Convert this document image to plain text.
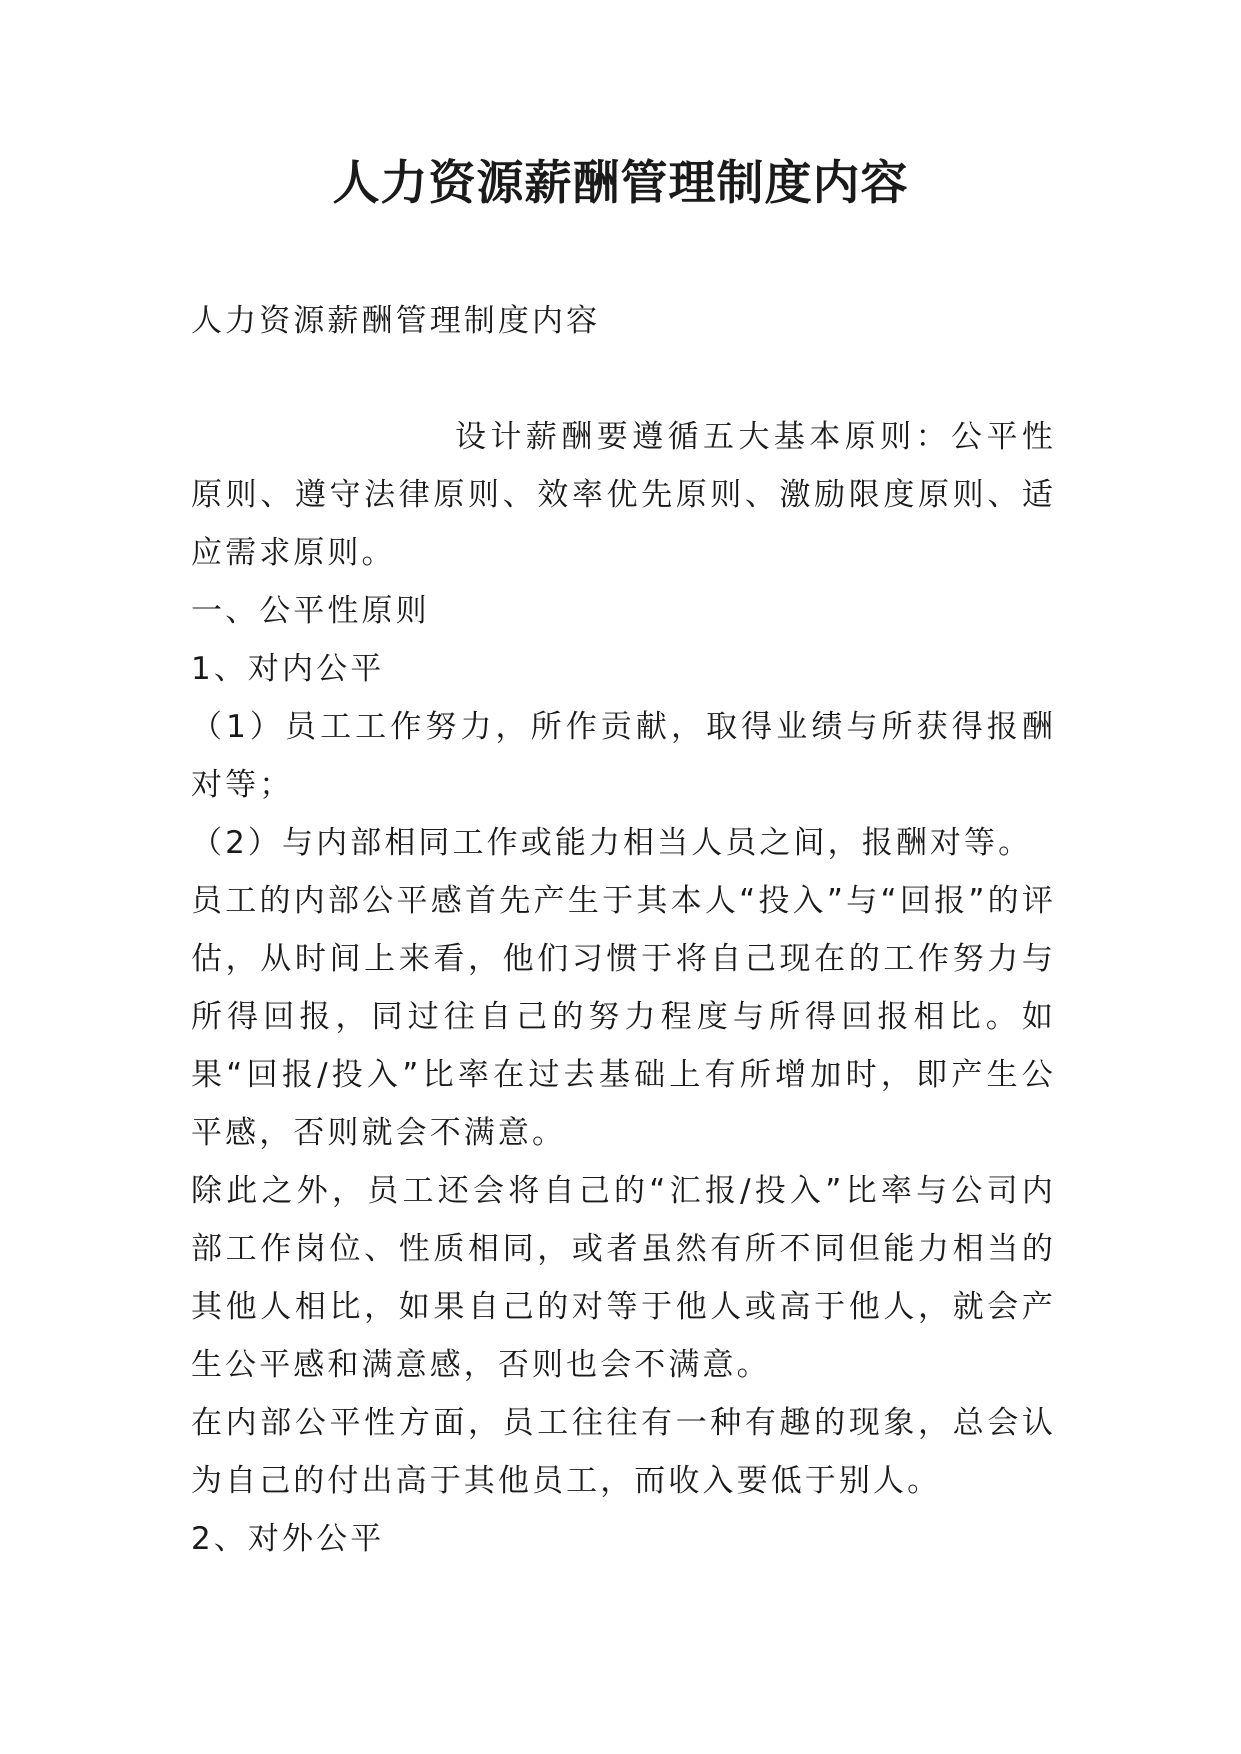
人力资源薪酬管理制度内容

人力资源薪酬管理制度内容

设计薪酬要遵循五大基本原则：公平性原则、遵守法律原则、效率优先原则、激励限度原则、适应需求原则。

一、公平性原则

1、对内公平

（1）员工工作努力，所作贡献，取得业绩与所获得报酬对等；

（2）与内部相同工作或能力相当人员之间，报酬对等。

员工的内部公平感首先产生于其本人“投入”与“回报”的评估，从时间上来看，他们习惯于将自己现在的工作努力与所得回报，同过往自己的努力程度与所得回报相比。如果“回报/投入”比率在过去基础上有所增加时，即产生公平感，否则就会不满意。

除此之外，员工还会将自己的“汇报/投入”比率与公司内部工作岗位、性质相同，或者虽然有所不同但能力相当的其他人相比，如果自己的对等于他人或高于他人，就会产生公平感和满意感，否则也会不满意。

在内部公平性方面，员工往往有一种有趣的现象，总会认为自己的付出高于其他员工，而收入要低于别人。

2、对外公平
